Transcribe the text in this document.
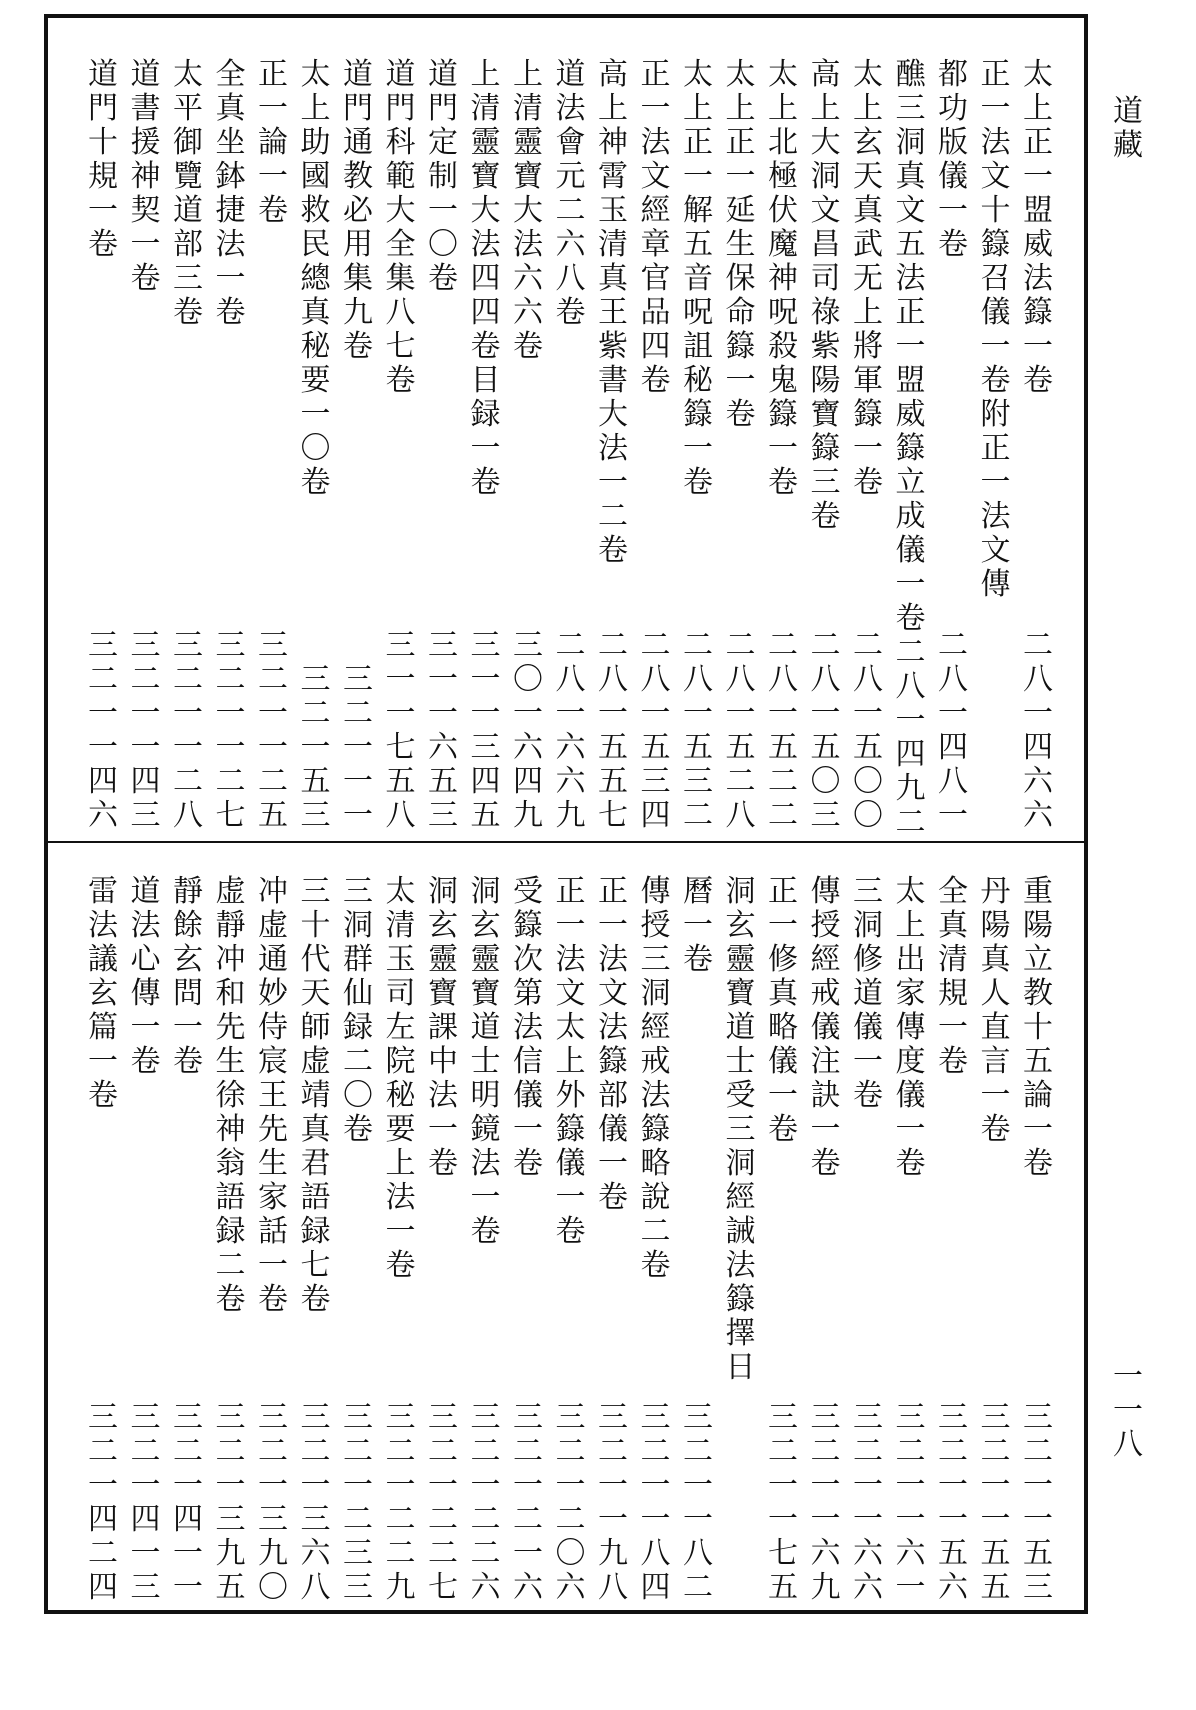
道　藏
一一八
太上正一盟威法籙一卷
二八一四六六
正一法文十籙召儀一卷附正一法文傳
都功版儀一卷
二八一四八一
醮三洞真文五法正一盟威籙立成儀一卷
二八一四九二
太上玄天真武无上將軍籙一卷
二八一五〇〇
高上大洞文昌司祿紫陽寶籙三卷
二八一五〇三
太上北極伏魔神呪殺鬼籙一卷
二八一五二二
太上正一延生保命籙一卷
二八一五二八
太上正一解五音呪詛秘籙一卷
二八一五三二
正一法文經章官品四卷
二八一五三四
高上神霄玉清真王紫書大法一二卷
二八一五五七
道法會元二六八卷
二八一六六九
上清靈寶大法六六卷
三〇一六四九
上清靈寶大法四四卷目録一卷
三一一三四五
道門定制一〇卷
三一一六五三
道門科範大全集八七卷
三一一七五八
道門通教必用集九卷
三二一一一
太上助國救民總真秘要一〇卷
三二一五三
正一論一卷
三二一一二五
全真坐鉢捷法一卷
三二一一二七
太平御覽道部三卷
三二一一二八
道書援神契一卷
三二一一四三
道門十規一卷
三二一一四六
重陽立教十五論一卷
三二一一五三
丹陽真人直言一卷
三二一一五五
全真清規一卷
三二一一五六
太上出家傳度儀一卷
三二一一六一
三洞修道儀一卷
三二一一六六
傳授經戒儀注訣一卷
三二一一六九
正一修真略儀一卷
三二一一七五
洞玄靈寶道士受三洞經誡法籙擇日
曆一卷
三二一一八二
傳授三洞經戒法籙略說二卷
三二一一八四
正一法文法籙部儀一卷
三二一一九八
正一法文太上外籙儀一卷
三二一二〇六
受籙次第法信儀一卷
三二一二一六
洞玄靈寶道士明鏡法一卷
三二一二二六
洞玄靈寶課中法一卷
三二一二二七
太清玉司左院秘要上法一卷
三二一二二九
三洞群仙録二〇卷
三二一二三三
三十代天師虚靖真君語録七卷
三二一三六八
冲虚通妙侍宸王先生家話一卷
三二一三九〇
虚靜冲和先生徐神翁語録二卷
三二一三九五
靜餘玄問一卷
三二一四一一
道法心傳一卷
三二一四一三
雷法議玄篇一卷
三二一四二四
